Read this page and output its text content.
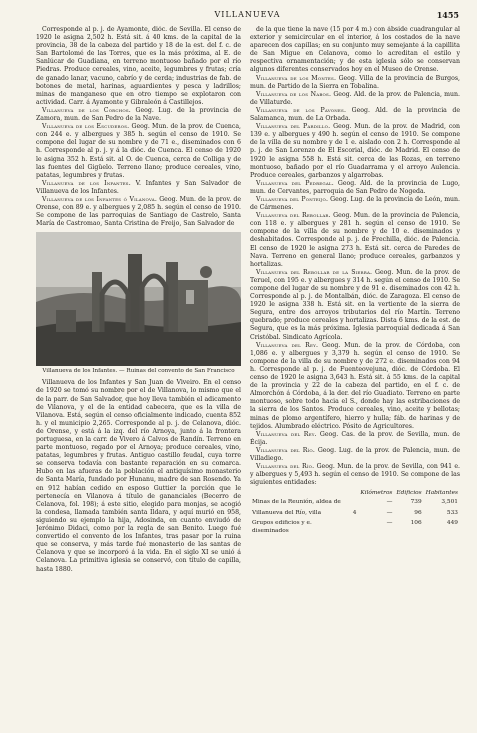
VILLANUEVA	1455

Corresponde al p. j. de Ayamonte, dióc. de Sevilla. El censo de 1920 le asigna 2,502 h. Está sit. á 40 kms. de la capital de la provincia, 38 de la cabeza del partido y 18 de la est. del f. c. de San Bartolomé de las Torres, que es la más próxima, al E. de Sanlúcar de Guadiana, en terreno montuoso bañado por el río Piedras. Produce cereales, vino, aceite, legumbres y frutas; cría de ganado lanar, vacuno, cabrío y de cerda; industrias de fab. de botones de metal, harinas, aguardientes y pesca y ladrillos; minas de manganeso que en otro tiempo se explotaron con actividad. Carr. á Ayamonte y Gibraleón á Castillejos.

Villanueva de los Corchos. Geog. Lug. de la provincia de Zamora, mun. de San Pedro de la Nave.

Villanueva de los Escuderos. Geog. Mun. de la prov. de Cuenca, con 244 e. y albergues y 385 h. según el censo de 1910. Se compone del lugar de su nombre y de 71 e., diseminados con 6 h. Corresponde al p. j. y á la dióc. de Cuenca. El censo de 1920 le asigna 352 h. Está sit. al O. de Cuenca, cerca de Colliga y de las fuentes del Gigüelo. Terreno llano; produce cereales, vino, patatas, legumbres y frutas.

Villanueva de los Infantes. V. Infantes y San Salvador de Villanueva de los Infantes.

Villanueva de los Infantes ó Vilanova. Geog. Mun. de la prov. de Orense, con 89 e. y albergues y 2,085 h. según el censo de 1910. Se compone de las parroquias de Santiago de Castrelo, Santa María de Castromao, Santa Cristina de Freijo, San Salvador de

Villanueva de los Infantes. — Ruinas del convento de San Francisco

Villanueva de los Infantes y San Juan de Viveiro. En el censo de 1920 se tomó su nombre por el de Villanova, lo mismo que el de la parr. de San Salvador, que hoy lleva también el adicamento de Vilanova, y el de la entidad cabecera, que es la villa de Vilanova. Está, según el censo oficialmente indicado, cuenta 852 h. y el municipio 2,265. Corresponde al p. j. de Celanova, dióc. de Orense, y está á la izq. del río Arnoya, junto á la frontera portuguesa, en la carr. de Vivero á Calvos de Randín. Terreno en parte montuoso, regado por el Arnoya; produce cereales, vino, patatas, legumbres y frutas. Antiguo castillo feudal, cuya torre se conserva todavía con bastante reparación en su comarca. Hubo en las afueras de la población el antiquísimo monasterio de Santa María, fundado por Hunanu, madre de san Rosendo. Ya en 912 habían cedido en esposo Guttier la porción que le pertenecía en Vilanova á título de gananciales (Becerro de Celanova, fol. 198); á este sitio, elegido para monjas, se acogió la condesa, llamada también santa Ildara, y aquí murió en 958, siguiendo su ejemplo la hija, Adosinda, en cuanto enviudó de Jerónimo Didaci, como por la regla de san Benito. Luego fué convertido el convento de los Infantes, tras pasar por la ruina que se conserva, y más tarde fué monasterio de las santas de Celanova y que se incorporó á la vida. En el siglo XI se unió á Celanova. La primitiva iglesia se conservó, con título de capilla, hasta 1880.

de la que tiene la nave (15 por 4 m.) con ábside cuadrangular al exterior y semicircular en el interior, á los costados de la nave aparecen dos capillas; en su conjunto muy semejante á la capillita de San Migue en Celanova, como lo acreditan el estilo y respectiva ornamentación; y de esta iglesia sólo se conservan algunos diferentes conservados hoy en el Museo de Orense.

Villanueva de los Montes. Geog. Villa de la provincia de Burgos, mun. de Partido de la Sierra en Tobalina.

Villanueva de los Nabos. Geog. Ald. de la prov. de Palencia, mun. de Villaturde.

Villanueva de los Pavones. Geog. Ald. de la provincia de Salamanca, mun. de La Orbada.

Villanueva del Pardillo. Geog. Mun. de la prov. de Madrid, con 139 e. y albergues y 490 h. según el censo de 1910. Se compone de la villa de su nombre y de 1 e. aislado con 2 h. Corresponde al p. j. de San Lorenzo de El Escorial, dióc. de Madrid. El censo de 1920 le asigna 558 h. Está sit. cerca de las Rozas, en terreno montuoso, bañado por el río Guadarrama y el arroyo Aulencia. Produce cereales, garbanzos y algarrobas.

Villanueva del Pedregal. Geog. Ald. de la provincia de Lugo, mun. de Cervantes, parroquia de San Pedro de Nogeda.

Villanueva del Ponteijo. Geog. Lug. de la provincia de León, mun. de Cármenes.

Villanueva del Rebollar. Geog. Mun. de la provincia de Palencia, con 118 e. y albergues y 281 h. según el censo de 1910. Se compone de la villa de su nombre y de 10 e. diseminados y deshabitados. Corresponde al p. j. de Frechilla, dióc. de Palencia. El censo de 1920 le asigna 273 h. Está sit. cerca de Paredes de Nava. Terreno en general llano; produce cereales, garbanzos y hortalizas.

Villanueva del Rebollar de la Sierra. Geog. Mun. de la prov. de Teruel, con 195 e. y albergues y 314 h. según el censo de 1910. Se compone del lugar de su nombre y de 91 e. diseminados con 42 h. Corresponde al p. j. de Montalbán, dióc. de Zaragoza. El censo de 1920 le asigna 338 h. Está sit. en la vertiente de la sierra de Segura, entre dos arroyos tributarios del río Martín. Terreno quebrado; produce cereales y hortalizas. Dista 6 kms. de la est. de Segura, que es la más próxima. Iglesia parroquial dedicada á San Cristóbal. Sindicato Agrícola.

Villanueva del Rey. Geog. Mun. de la prov. de Córdoba, con 1,086 e. y albergues y 3,379 h. según el censo de 1910. Se compone de la villa de su nombre y de 272 e. diseminados con 94 h. Corresponde al p. j. de Fuenteovejuna, dióc. de Córdoba. El censo de 1920 le asigna 3,643 h. Está sit. á 55 kms. de la capital de la provincia y 22 de la cabeza del partido, en el f. c. de Almorchón á Córdoba, á la der. del río Guadiato. Terreno en parte montuoso, sobre todo hacia el S., donde hay las estribaciones de la sierra de los Santos. Produce cereales, vino, aceite y bellotas; minas de plomo argentífero, hierro y hulla; fáb. de harinas y de tejidos. Alumbrado eléctrico. Pósito de Agricultores.

Villanueva del Rey. Geog. Cas. de la prov. de Sevilla, mun. de Écija.

Villanueva del Río. Geog. Lug. de la prov. de Palencia, mun. de Villadiego.

Villanueva del Río. Geog. Mun. de la prov. de Sevilla, con 941 e. y albergues y 5,493 h. según el censo de 1910. Se compone de las siguientes entidades:

		Kilómetros	Edificios	Habitantes
Minas de la Reunión, aldea de		—	739	3,501
Villanueva del Río, villa	4	—	96	533
Grupos edificios y e. diseminados		—	106	449
